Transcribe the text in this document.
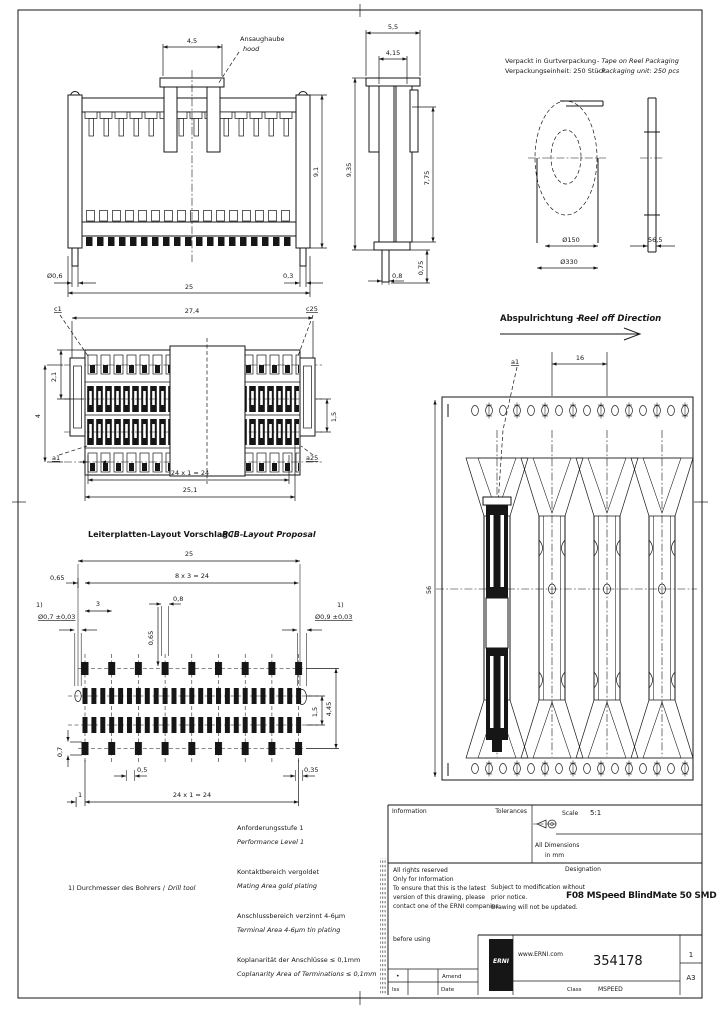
4,5	Ansaughaube
hood
9,1
Ø0,6	0,3
25
5,5
4,15
9,35
7,75
0,8
0,75
Verpackt in Gurtverpackung - Tape on Reel Packaging
Verpackungseinheit: 250 Stück
- Packaging unit: 250 pcs
Ø150
Ø330
56,5
27,4
c1	c25
a1	a25
2,1
4	1,5
24 x 1 = 24
25,1
Abspulrichtung -
Reel off Direction
a1	16
56
Leiterplatten-Layout Vorschlag /
PCB-Layout Proposal
25
8 x 3 = 24
0,65
3
0,8
0,65
1)
Ø0,7 ±0,03
1)
Ø0,9 ±0,03
0,7
1,5 4,45
0,5	0,35
24 x 1 = 24
1
1) Durchmesser des Bohrers / Drill tool
Anforderungsstufe 1
Performance Level 1
Kontaktbereich vergoldet
Mating Area gold plating
Anschlussbereich verzinnt 4-6µm
Terminal Area 4-6µm tin plating
Koplanarität der Anschlüsse ≤ 0,1mm
Coplanarity Area of Terminations ≤ 0,1mm
Information	Tolerances	Scale 5:1
All Dimensions
in mm
All rights reserved
Only for Information
To ensure that this is the latest
version of this drawing, please
contact one of the ERNI companies
before using
Subject to modification without
prior notice.
Drawing will not be updated.
Designation
F08 MSpeed BlindMate 50 SMD
ERNI
www.ERNI.com 354178	1
A3
•	Amend
Iss	Date	Class	MSPEED
